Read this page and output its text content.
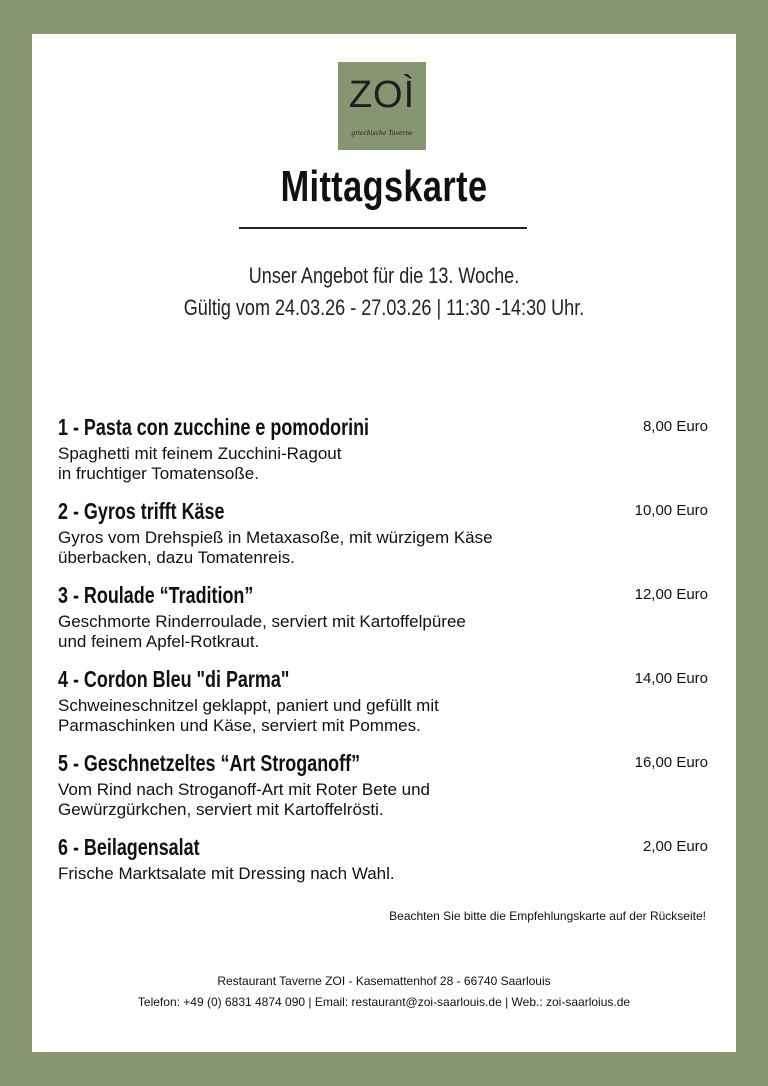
ZOÌ
griechische Taverne
Mittagskarte
Unser Angebot für die 13. Woche.
Gültig vom 24.03.26 - 27.03.26 | 11:30 -14:30 Uhr.
1 - Pasta con zucchine e pomodorini	8,00 Euro
Spaghetti mit feinem Zucchini-Ragout
in fruchtiger Tomatensoße.
2 - Gyros trifft Käse	10,00 Euro
Gyros vom Drehspieß in Metaxasoße, mit würzigem Käse
überbacken, dazu Tomatenreis.
3 - Roulade “Tradition”	12,00 Euro
Geschmorte Rinderroulade, serviert mit Kartoffelpüree
und feinem Apfel-Rotkraut.
4 - Cordon Bleu "di Parma"	14,00 Euro
Schweineschnitzel geklappt, paniert und gefüllt mit
Parmaschinken und Käse, serviert mit Pommes.
5 - Geschnetzeltes “Art Stroganoff”	16,00 Euro
Vom Rind nach Stroganoff-Art mit Roter Bete und
Gewürzgürkchen, serviert mit Kartoffelrösti.
6 - Beilagensalat	2,00 Euro
Frische Marktsalate mit Dressing nach Wahl.
Beachten Sie bitte die Empfehlungskarte auf der Rückseite!
Restaurant Taverne ZOI - Kasemattenhof 28 - 66740 Saarlouis
Telefon: +49 (0) 6831 4874 090 | Email: restaurant@zoi-saarlouis.de | Web.: zoi-saarloius.de
